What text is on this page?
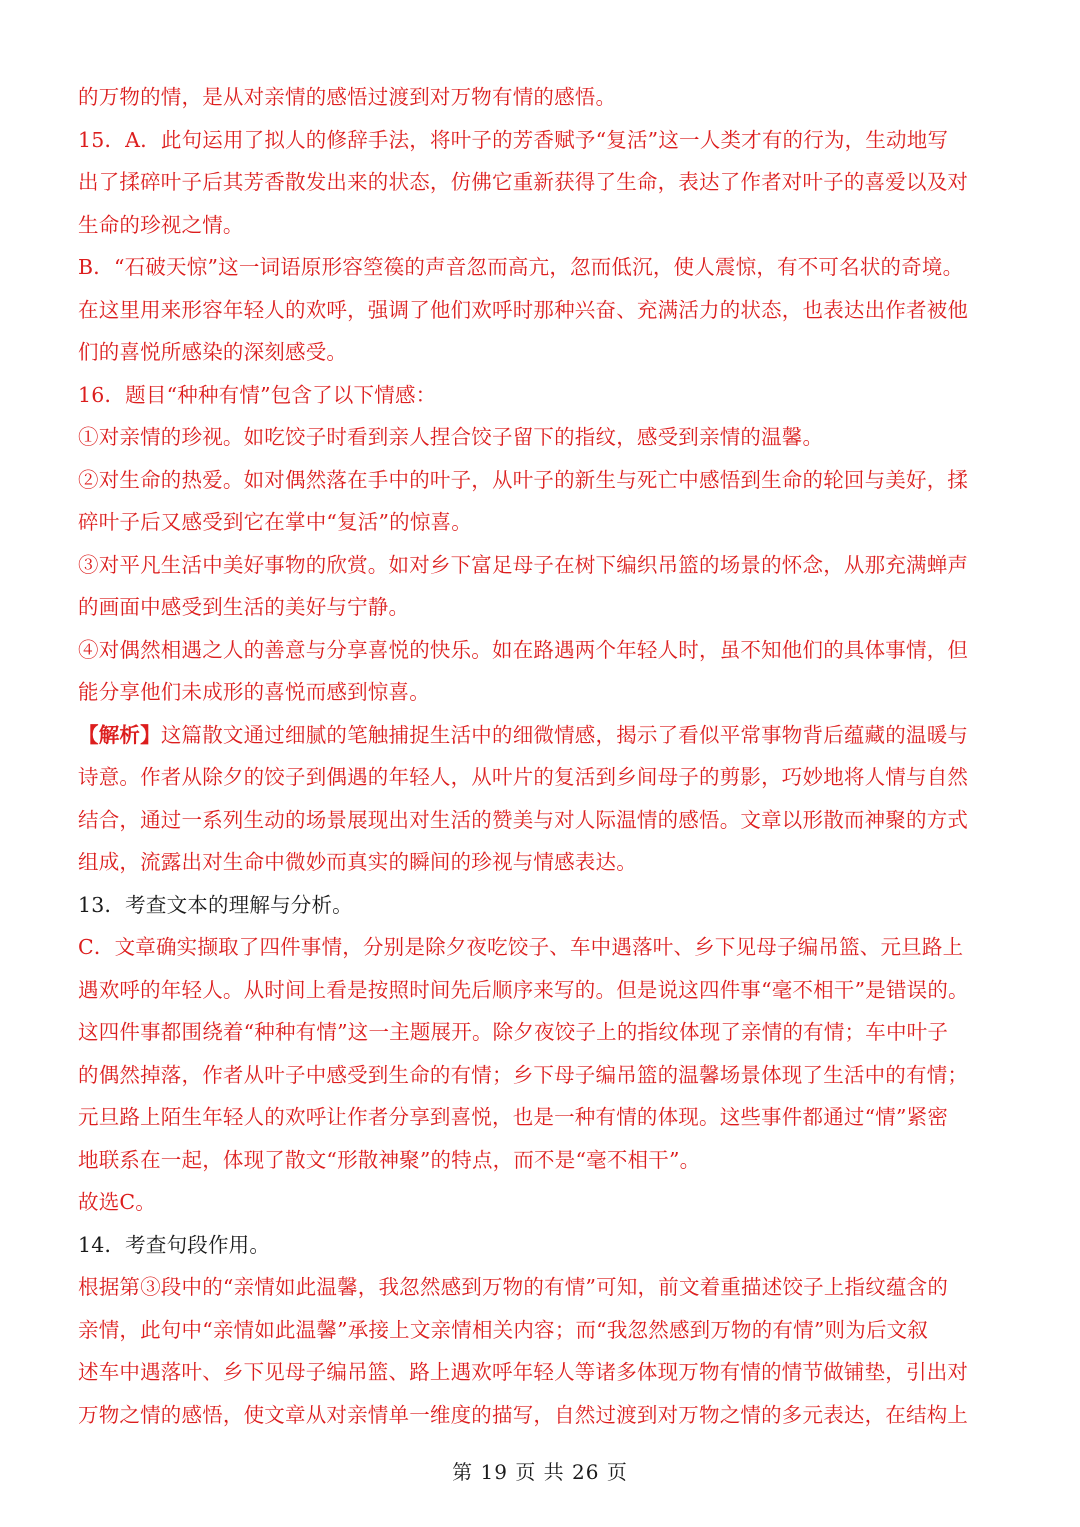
的万物的情，是从对亲情的感悟过渡到对万物有情的感悟。
15．A．此句运用了拟人的修辞手法，将叶子的芳香赋予“复活”这一人类才有的行为，生动地写
出了揉碎叶子后其芳香散发出来的状态，仿佛它重新获得了生命，表达了作者对叶子的喜爱以及对
生命的珍视之情。
B．“石破天惊”这一词语原形容箜篌的声音忽而高亢，忽而低沉，使人震惊，有不可名状的奇境。
在这里用来形容年轻人的欢呼，强调了他们欢呼时那种兴奋、充满活力的状态，也表达出作者被他
们的喜悦所感染的深刻感受。
16．题目“种种有情”包含了以下情感：
①对亲情的珍视。如吃饺子时看到亲人捏合饺子留下的指纹，感受到亲情的温馨。
②对生命的热爱。如对偶然落在手中的叶子，从叶子的新生与死亡中感悟到生命的轮回与美好，揉
碎叶子后又感受到它在掌中“复活”的惊喜。
③对平凡生活中美好事物的欣赏。如对乡下富足母子在树下编织吊篮的场景的怀念，从那充满蝉声
的画面中感受到生活的美好与宁静。
④对偶然相遇之人的善意与分享喜悦的快乐。如在路遇两个年轻人时，虽不知他们的具体事情，但
能分享他们未成形的喜悦而感到惊喜。
【解析】这篇散文通过细腻的笔触捕捉生活中的细微情感，揭示了看似平常事物背后蕴藏的温暖与
诗意。作者从除夕的饺子到偶遇的年轻人，从叶片的复活到乡间母子的剪影，巧妙地将人情与自然
结合，通过一系列生动的场景展现出对生活的赞美与对人际温情的感悟。文章以形散而神聚的方式
组成，流露出对生命中微妙而真实的瞬间的珍视与情感表达。
13．考查文本的理解与分析。
C．文章确实撷取了四件事情，分别是除夕夜吃饺子、车中遇落叶、乡下见母子编吊篮、元旦路上
遇欢呼的年轻人。从时间上看是按照时间先后顺序来写的。但是说这四件事“毫不相干”是错误的。
这四件事都围绕着“种种有情”这一主题展开。除夕夜饺子上的指纹体现了亲情的有情；车中叶子
的偶然掉落，作者从叶子中感受到生命的有情；乡下母子编吊篮的温馨场景体现了生活中的有情；
元旦路上陌生年轻人的欢呼让作者分享到喜悦，也是一种有情的体现。这些事件都通过“情”紧密
地联系在一起，体现了散文“形散神聚”的特点，而不是“毫不相干”。
故选C。
14．考查句段作用。
根据第③段中的“亲情如此温馨，我忽然感到万物的有情”可知，前文着重描述饺子上指纹蕴含的
亲情，此句中“亲情如此温馨”承接上文亲情相关内容；而“我忽然感到万物的有情”则为后文叙
述车中遇落叶、乡下见母子编吊篮、路上遇欢呼年轻人等诸多体现万物有情的情节做铺垫，引出对
万物之情的感悟，使文章从对亲情单一维度的描写，自然过渡到对万物之情的多元表达，在结构上
第 19 页 共 26 页
